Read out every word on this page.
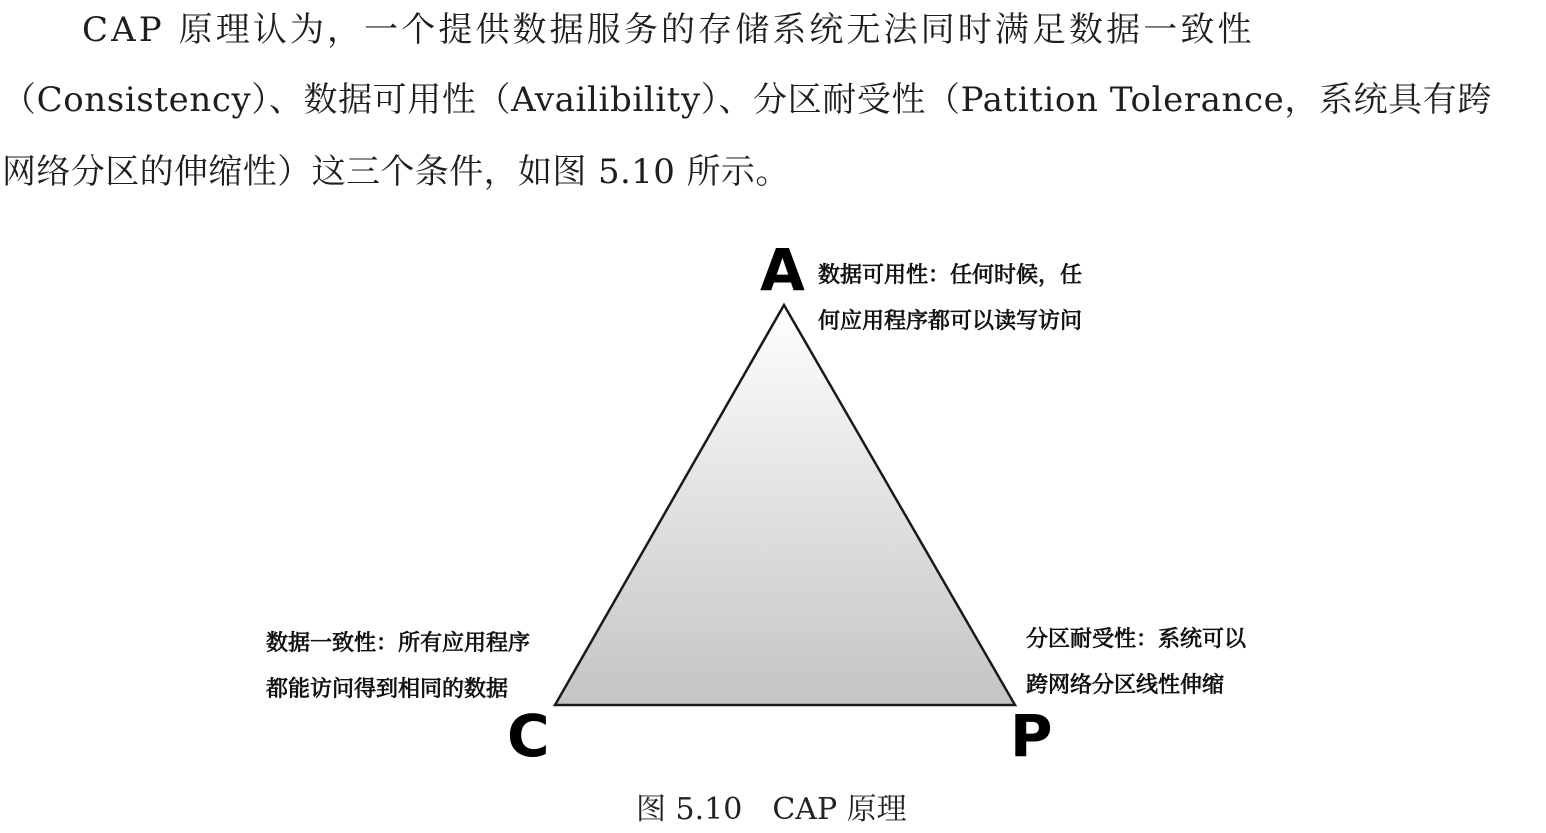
CAP 原理认为，一个提供数据服务的存储系统无法同时满足数据一致性
（Consistency）、数据可用性（Availibility）、分区耐受性（Patition Tolerance，系统具有跨
网络分区的伸缩性）这三个条件，如图 5.10 所示。
A
C	P
数据可用性：任何时候，任
何应用程序都可以读写访问
数据一致性：所有应用程序
都能访问得到相同的数据
分区耐受性：系统可以
跨网络分区线性伸缩
图 5.10　CAP 原理
